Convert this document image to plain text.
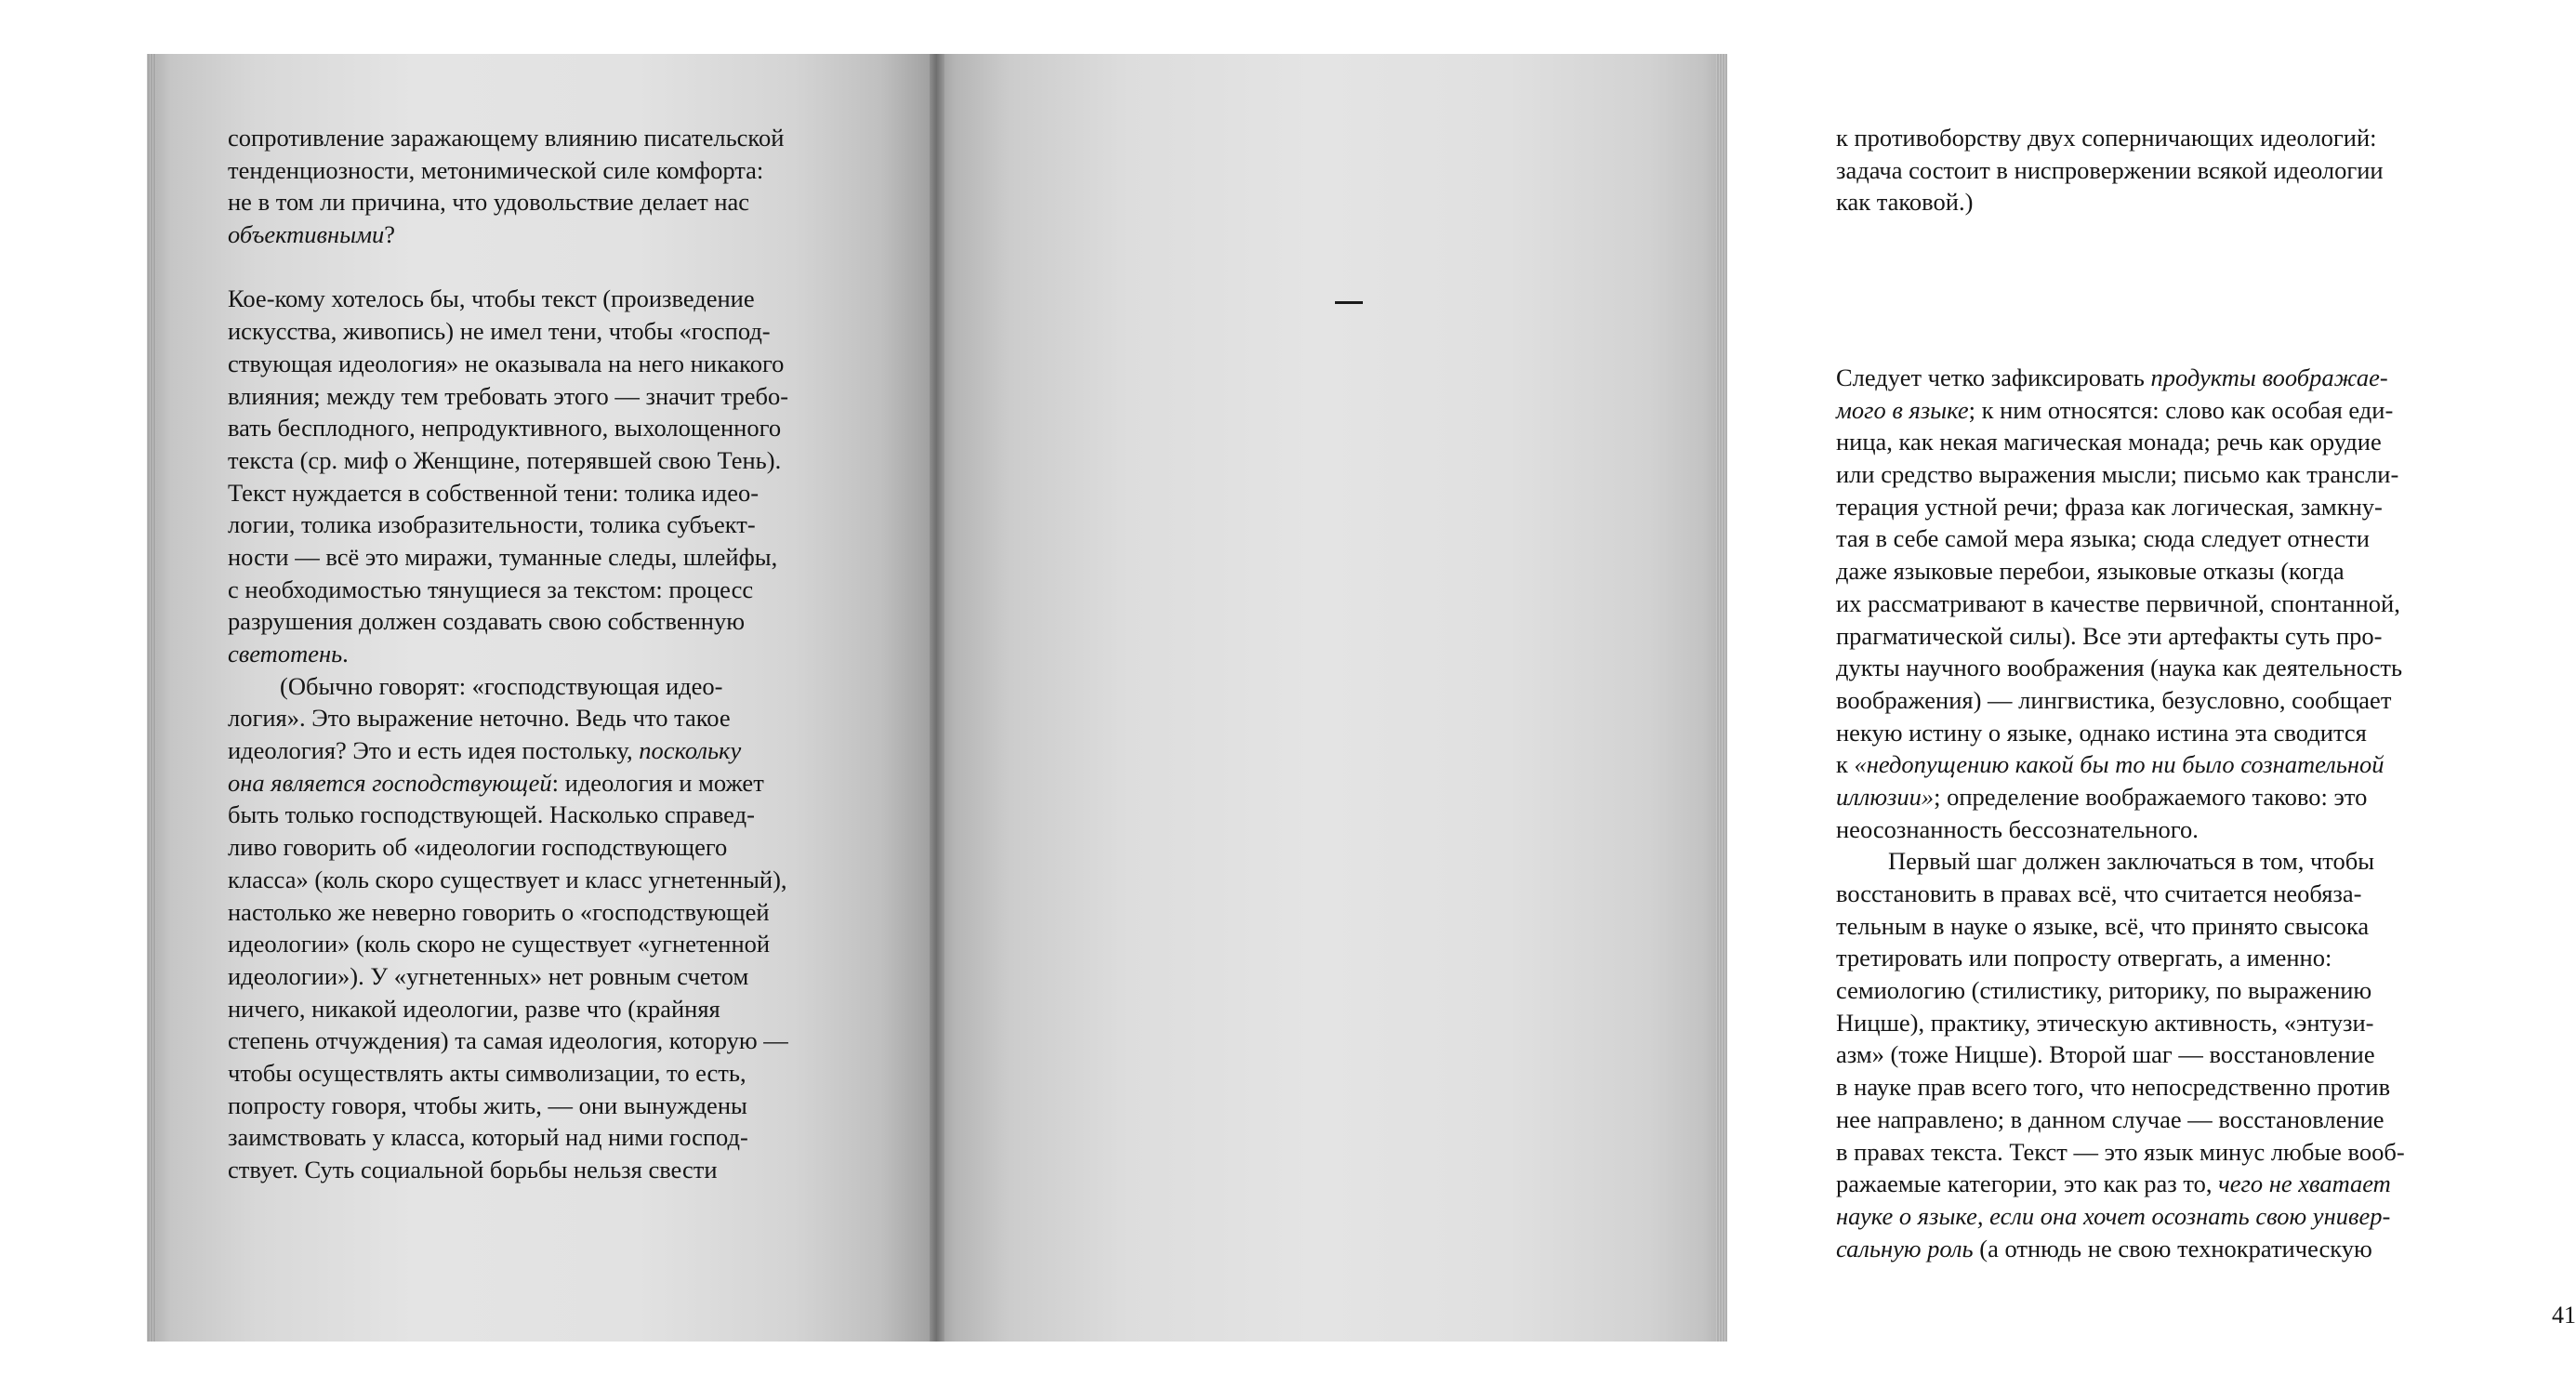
сопротивление заражающему влиянию писательской
тенденциозности, метонимической силе комфорта:
не в том ли причина, что удовольствие делает нас
объективными?
Кое-кому хотелось бы, чтобы текст (произведение
искусства, живопись) не имел тени, чтобы «господ-
ствующая идеология» не оказывала на него никакого
влияния; между тем требовать этого — значит требо-
вать бесплодного, непродуктивного, выхолощенного
текста (ср. миф о Женщине, потерявшей свою Тень).
Текст нуждается в собственной тени: толика идео-
логии, толика изобразительности, толика субъект-
ности — всё это миражи, туманные следы, шлейфы,
с необходимостью тянущиеся за текстом: процесс
разрушения должен создавать свою собственную
светотень.
(Обычно говорят: «господствующая идео-
логия». Это выражение неточно. Ведь что такое
идеология? Это и есть идея постольку, поскольку
она является господствующей: идеология и может
быть только господствующей. Насколько справед-
ливо говорить об «идеологии господствующего
класса» (коль скоро существует и класс угнетенный),
настолько же неверно говорить о «господствующей
идеологии» (коль скоро не существует «угнетенной
идеологии»). У «угнетенных» нет ровным счетом
ничего, никакой идеологии, разве что (крайняя
степень отчуждения) та самая идеология, которую —
чтобы осуществлять акты символизации, то есть,
попросту говоря, чтобы жить, — они вынуждены
заимствовать у класса, который над ними господ-
ствует. Суть социальной борьбы нельзя свести
к противоборству двух соперничающих идеологий:
задача состоит в ниспровержении всякой идеологии
как таковой.)
Следует четко зафиксировать продукты воображае-
мого в языке; к ним относятся: слово как особая еди-
ница, как некая магическая монада; речь как орудие
или средство выражения мысли; письмо как трансли-
терация устной речи; фраза как логическая, замкну-
тая в себе самой мера языка; сюда следует отнести
даже языковые перебои, языковые отказы (когда
их рассматривают в качестве первичной, спонтанной,
прагматической силы). Все эти артефакты суть про-
дукты научного воображения (наука как деятельность
воображения) — лингвистика, безусловно, сообщает
некую истину о языке, однако истина эта сводится
к «недопущению какой бы то ни было сознательной
иллюзии»; определение воображаемого таково: это
неосознанность бессознательного.
Первый шаг должен заключаться в том, чтобы
восстановить в правах всё, что считается необяза-
тельным в науке о языке, всё, что принято свысока
третировать или попросту отвергать, а именно:
семиологию (стилистику, риторику, по выражению
Ницше), практику, этическую активность, «энтузи-
азм» (тоже Ницше). Второй шаг — восстановление
в науке прав всего того, что непосредственно против
нее направлено; в данном случае — восстановление
в правах текста. Текст — это язык минус любые вооб-
ражаемые категории, это как раз то, чего не хватает
науке о языке, если она хочет осознать свою универ-
сальную роль (а отнюдь не свою технократическую
41
